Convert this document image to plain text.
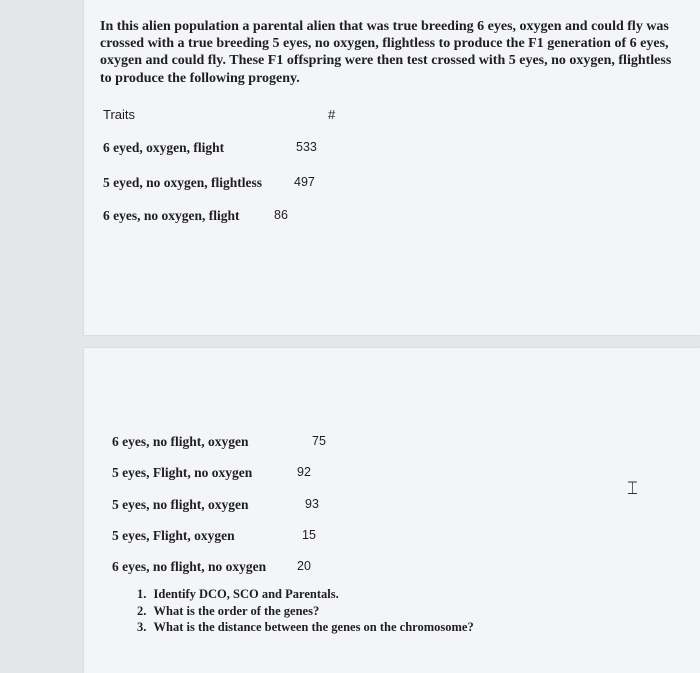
In this alien population a parental alien that was true breeding 6 eyes, oxygen and could fly was crossed with a true breeding 5 eyes, no oxygen, flightless to produce the F1 generation of 6 eyes, oxygen and could fly. These F1 offspring were then test crossed with 5 eyes, no oxygen, flightless to produce the following progeny.
Traits	#
6 eyed, oxygen, flight	533
5 eyed, no oxygen, flightless	497
6 eyes, no oxygen, flight	86
6 eyes, no flight, oxygen	75
5 eyes, Flight, no oxygen	92
5 eyes, no flight, oxygen	93
5 eyes, Flight, oxygen	15
6 eyes, no flight, no oxygen 20
1. Identify DCO, SCO and Parentals.
2. What is the order of the genes?
3. What is the distance between the genes on the chromosome?
⌶
